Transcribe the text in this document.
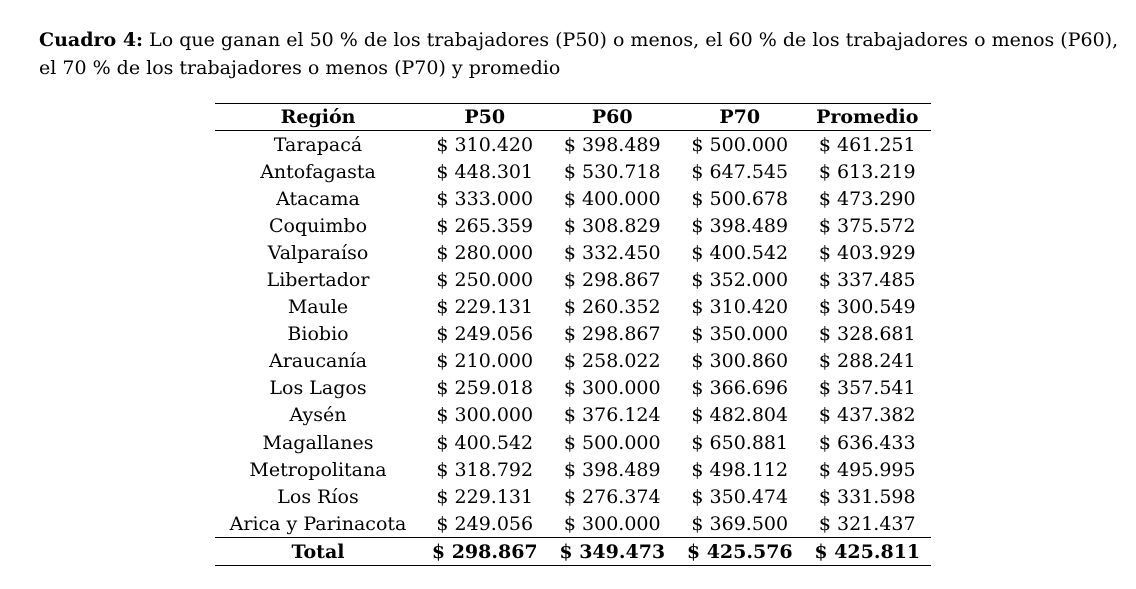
Cuadro 4: Lo que ganan el 50 % de los trabajadores (P50) o menos, el 60 % de los trabajadores o menos (P60), el 70 % de los trabajadores o menos (P70) y promedio
Región	P50	P60	P70	Promedio
Tarapacá	$ 310.420	$ 398.489	$ 500.000	$ 461.251
Antofagasta	$ 448.301	$ 530.718	$ 647.545	$ 613.219
Atacama	$ 333.000	$ 400.000	$ 500.678	$ 473.290
Coquimbo	$ 265.359	$ 308.829	$ 398.489	$ 375.572
Valparaíso	$ 280.000	$ 332.450	$ 400.542	$ 403.929
Libertador	$ 250.000	$ 298.867	$ 352.000	$ 337.485
Maule	$ 229.131	$ 260.352	$ 310.420	$ 300.549
Biobio	$ 249.056	$ 298.867	$ 350.000	$ 328.681
Araucanía	$ 210.000	$ 258.022	$ 300.860	$ 288.241
Los Lagos	$ 259.018	$ 300.000	$ 366.696	$ 357.541
Aysén	$ 300.000	$ 376.124	$ 482.804	$ 437.382
Magallanes	$ 400.542	$ 500.000	$ 650.881	$ 636.433
Metropolitana	$ 318.792	$ 398.489	$ 498.112	$ 495.995
Los Ríos	$ 229.131	$ 276.374	$ 350.474	$ 331.598
Arica y Parinacota	$ 249.056	$ 300.000	$ 369.500	$ 321.437
Total	$ 298.867	$ 349.473	$ 425.576	$ 425.811
